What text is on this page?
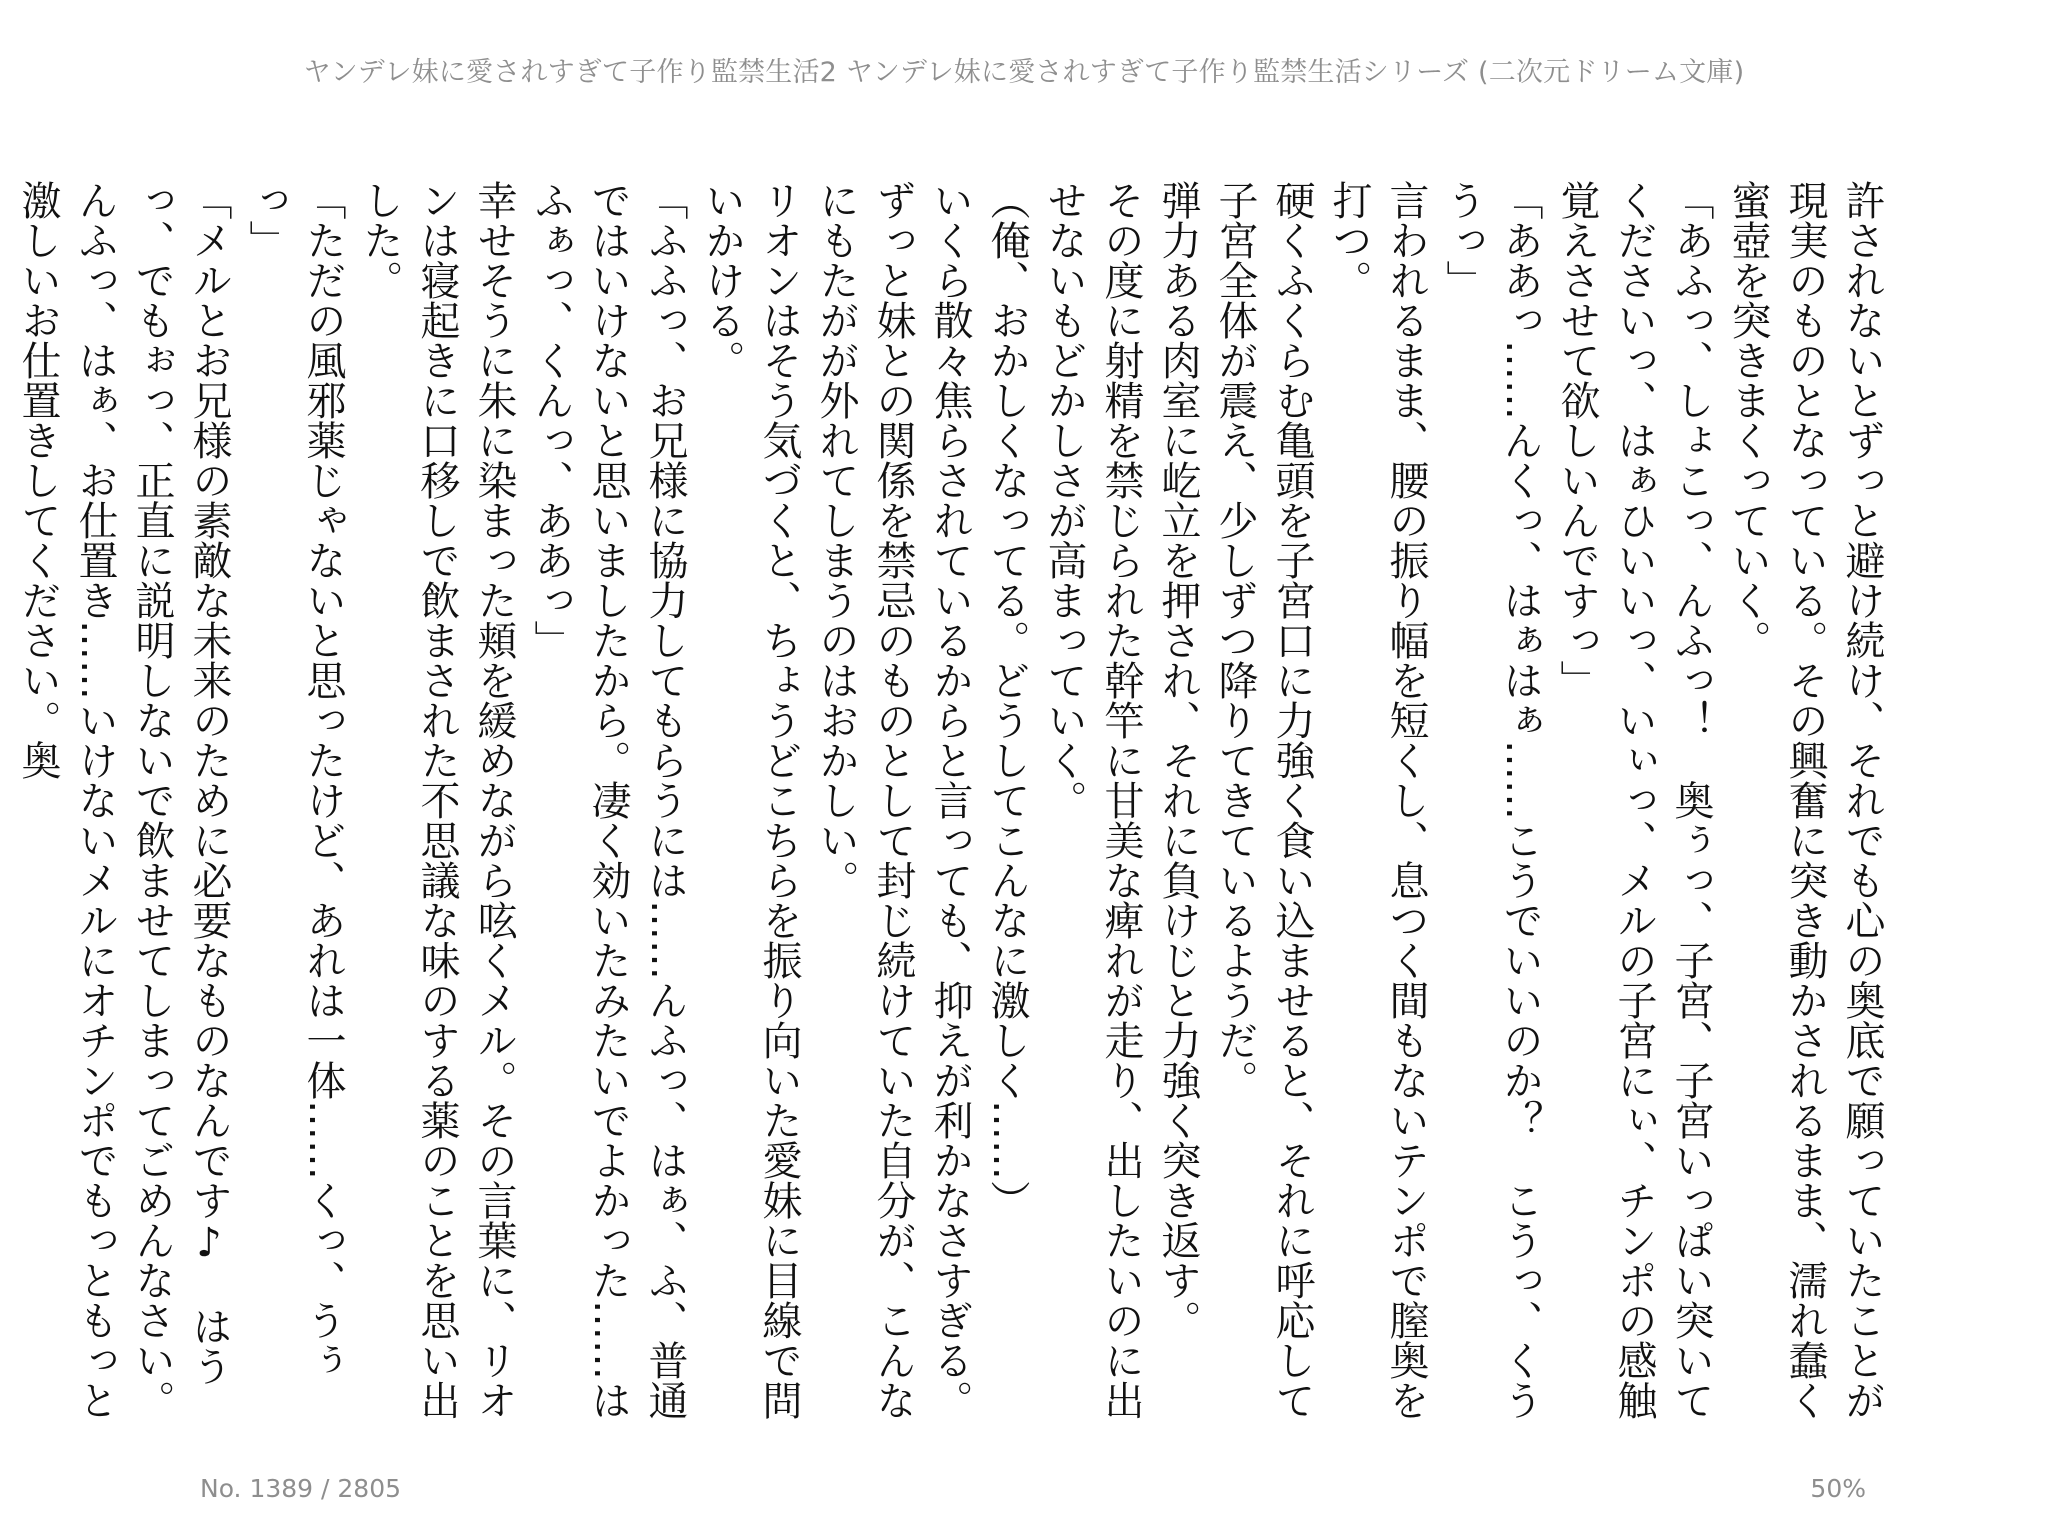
ヤンデレ妹に愛されすぎて子作り監禁生活2 ヤンデレ妹に愛されすぎて子作り監禁生活シリーズ (二次元ドリーム文庫)

許されないとずっと避け続け、それでも心の奥底で願っていたことが現実のものとなっている。その興奮に突き動かされるまま、濡れ蠢く蜜壺を突きまくっていく。

「あふっ、しょこっ、んふっ！　奥ぅっ、子宮、子宮いっぱい突いてくださいっ、はぁひいいっ、いぃっ、メルの子宮にぃ、チンポの感触覚えさせて欲しいんですっ」

「ああっ……んくっ、はぁはぁ……こうでいいのか？　こうっ、くううっ」

言われるまま、腰の振り幅を短くし、息つく間もないテンポで膣奥を打つ。

硬くふくらむ亀頭を子宮口に力強く食い込ませると、それに呼応して子宮全体が震え、少しずつ降りてきているようだ。

弾力ある肉室に屹立を押され、それに負けじと力強く突き返す。

その度に射精を禁じられた幹竿に甘美な痺れが走り、出したいのに出せないもどかしさが高まっていく。

（俺、おかしくなってる。どうしてこんなに激しく……）

いくら散々焦らされているからと言っても、抑えが利かなさすぎる。

ずっと妹との関係を禁忌のものとして封じ続けていた自分が、こんなにもたがが外れてしまうのはおかしい。

リオンはそう気づくと、ちょうどこちらを振り向いた愛妹に目線で問いかける。

「ふふっ、お兄様に協力してもらうには……んふっ、はぁ、ふ、普通ではいけないと思いましたから。凄く効いたみたいでよかった……はふぁっ、くんっ、ああっ」

幸せそうに朱に染まった頬を緩めながら呟くメル。その言葉に、リオンは寝起きに口移しで飲まされた不思議な味のする薬のことを思い出した。

「ただの風邪薬じゃないと思ったけど、あれは一体……くっ、うぅっ」

「メルとお兄様の素敵な未来のために必要なものなんです♪　はうっ、でもぉっ、正直に説明しないで飲ませてしまってごめんなさい。んふっ、はぁ、お仕置き……いけないメルにオチンポでもっともっと激しいお仕置きしてください。奥

No. 1389 / 2805	50%
